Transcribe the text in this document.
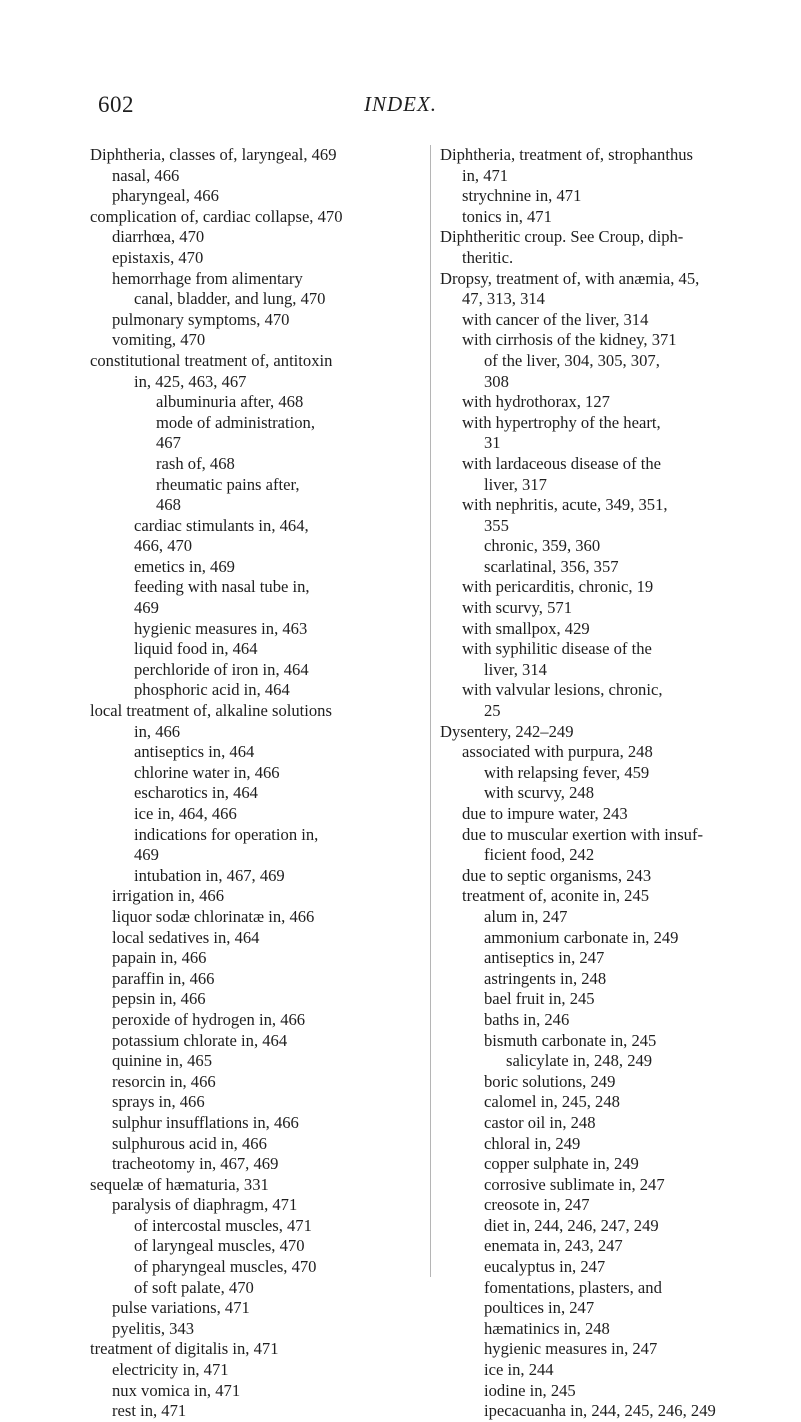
602	INDEX.
Diphtheria, classes of, laryngeal, 469
nasal, 466
pharyngeal, 466
complication of, cardiac collapse, 470
diarrhœa, 470
epistaxis, 470
hemorrhage from alimentary
canal, bladder, and lung, 470
pulmonary symptoms, 470
vomiting, 470
constitutional treatment of, antitoxin
in, 425, 463, 467
albuminuria after, 468
mode of administration,
467
rash of, 468
rheumatic pains after,
468
cardiac stimulants in, 464,
466, 470
emetics in, 469
feeding with nasal tube in,
469
hygienic measures in, 463
liquid food in, 464
perchloride of iron in, 464
phosphoric acid in, 464
local treatment of, alkaline solutions
in, 466
antiseptics in, 464
chlorine water in, 466
escharotics in, 464
ice in, 464, 466
indications for operation in,
469
intubation in, 467, 469
irrigation in, 466
liquor sodæ chlorinatæ in, 466
local sedatives in, 464
papain in, 466
paraffin in, 466
pepsin in, 466
peroxide of hydrogen in, 466
potassium chlorate in, 464
quinine in, 465
resorcin in, 466
sprays in, 466
sulphur insufflations in, 466
sulphurous acid in, 466
tracheotomy in, 467, 469
sequelæ of hæmaturia, 331
paralysis of diaphragm, 471
of intercostal muscles, 471
of laryngeal muscles, 470
of pharyngeal muscles, 470
of soft palate, 470
pulse variations, 471
pyelitis, 343
treatment of digitalis in, 471
electricity in, 471
nux vomica in, 471
rest in, 471
Diphtheria, treatment of, strophanthus
in, 471
strychnine in, 471
tonics in, 471
Diphtheritic croup. See Croup, diph-
theritic.
Dropsy, treatment of, with anæmia, 45,
47, 313, 314
with cancer of the liver, 314
with cirrhosis of the kidney, 371
of the liver, 304, 305, 307,
308
with hydrothorax, 127
with hypertrophy of the heart,
31
with lardaceous disease of the
liver, 317
with nephritis, acute, 349, 351,
355
chronic, 359, 360
scarlatinal, 356, 357
with pericarditis, chronic, 19
with scurvy, 571
with smallpox, 429
with syphilitic disease of the
liver, 314
with valvular lesions, chronic,
25
Dysentery, 242–249
associated with purpura, 248
with relapsing fever, 459
with scurvy, 248
due to impure water, 243
due to muscular exertion with insuf-
ficient food, 242
due to septic organisms, 243
treatment of, aconite in, 245
alum in, 247
ammonium carbonate in, 249
antiseptics in, 247
astringents in, 248
bael fruit in, 245
baths in, 246
bismuth carbonate in, 245
salicylate in, 248, 249
boric solutions, 249
calomel in, 245, 248
castor oil in, 248
chloral in, 249
copper sulphate in, 249
corrosive sublimate in, 247
creosote in, 247
diet in, 244, 246, 247, 249
enemata in, 243, 247
eucalyptus in, 247
fomentations, plasters, and
poultices in, 247
hæmatinics in, 248
hygienic measures in, 247
ice in, 244
iodine in, 245
ipecacuanha in, 244, 245, 246, 249
